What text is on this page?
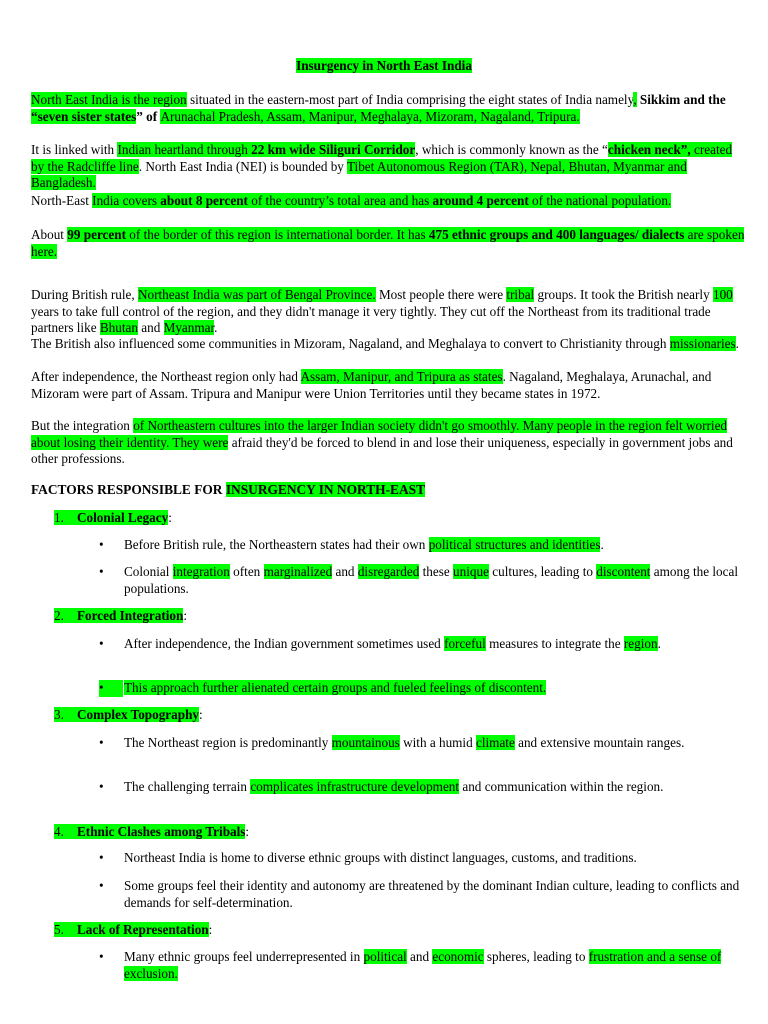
Insurgency in North East India

North East India is the region situated in the eastern-most part of India comprising the eight states of India namely, Sikkim and the “seven sister states” of Arunachal Pradesh, Assam, Manipur, Meghalaya, Mizoram, Nagaland, Tripura.

It is linked with Indian heartland through 22 km wide Siliguri Corridor, which is commonly known as the “chicken neck”, created by the Radcliffe line. North East India (NEI) is bounded by Tibet Autonomous Region (TAR), Nepal, Bhutan, Myanmar and Bangladesh.

North-East India covers about 8 percent of the country’s total area and has around 4 percent of the national population.

About 99 percent of the border of this region is international border. It has 475 ethnic groups and 400 languages/ dialects are spoken here.

During British rule, Northeast India was part of Bengal Province. Most people there were tribal groups. It took the British nearly 100 years to take full control of the region, and they didn't manage it very tightly. They cut off the Northeast from its traditional trade partners like Bhutan and Myanmar.

The British also influenced some communities in Mizoram, Nagaland, and Meghalaya to convert to Christianity through missionaries.

After independence, the Northeast region only had Assam, Manipur, and Tripura as states. Nagaland, Meghalaya, Arunachal, and Mizoram were part of Assam. Tripura and Manipur were Union Territories until they became states in 1972.

But the integration of Northeastern cultures into the larger Indian society didn't go smoothly. Many people in the region felt worried about losing their identity. They were afraid they'd be forced to blend in and lose their uniqueness, especially in government jobs and other professions.

FACTORS RESPONSIBLE FOR INSURGENCY IN NORTH-EAST
1. Colonial Legacy:
•	Before British rule, the Northeastern states had their own political structures and identities.
•	Colonial integration often marginalized and disregarded these unique cultures, leading to discontent among the local populations.
2. Forced Integration:
•	After independence, the Indian government sometimes used forceful measures to integrate the region.
•	This approach further alienated certain groups and fueled feelings of discontent.
3. Complex Topography:
•	The Northeast region is predominantly mountainous with a humid climate and extensive mountain ranges.
•	The challenging terrain complicates infrastructure development and communication within the region.
4. Ethnic Clashes among Tribals:
•	Northeast India is home to diverse ethnic groups with distinct languages, customs, and traditions.
•	Some groups feel their identity and autonomy are threatened by the dominant Indian culture, leading to conflicts and demands for self-determination.
5. Lack of Representation:
•	Many ethnic groups feel underrepresented in political and economic spheres, leading to frustration and a sense of exclusion.
